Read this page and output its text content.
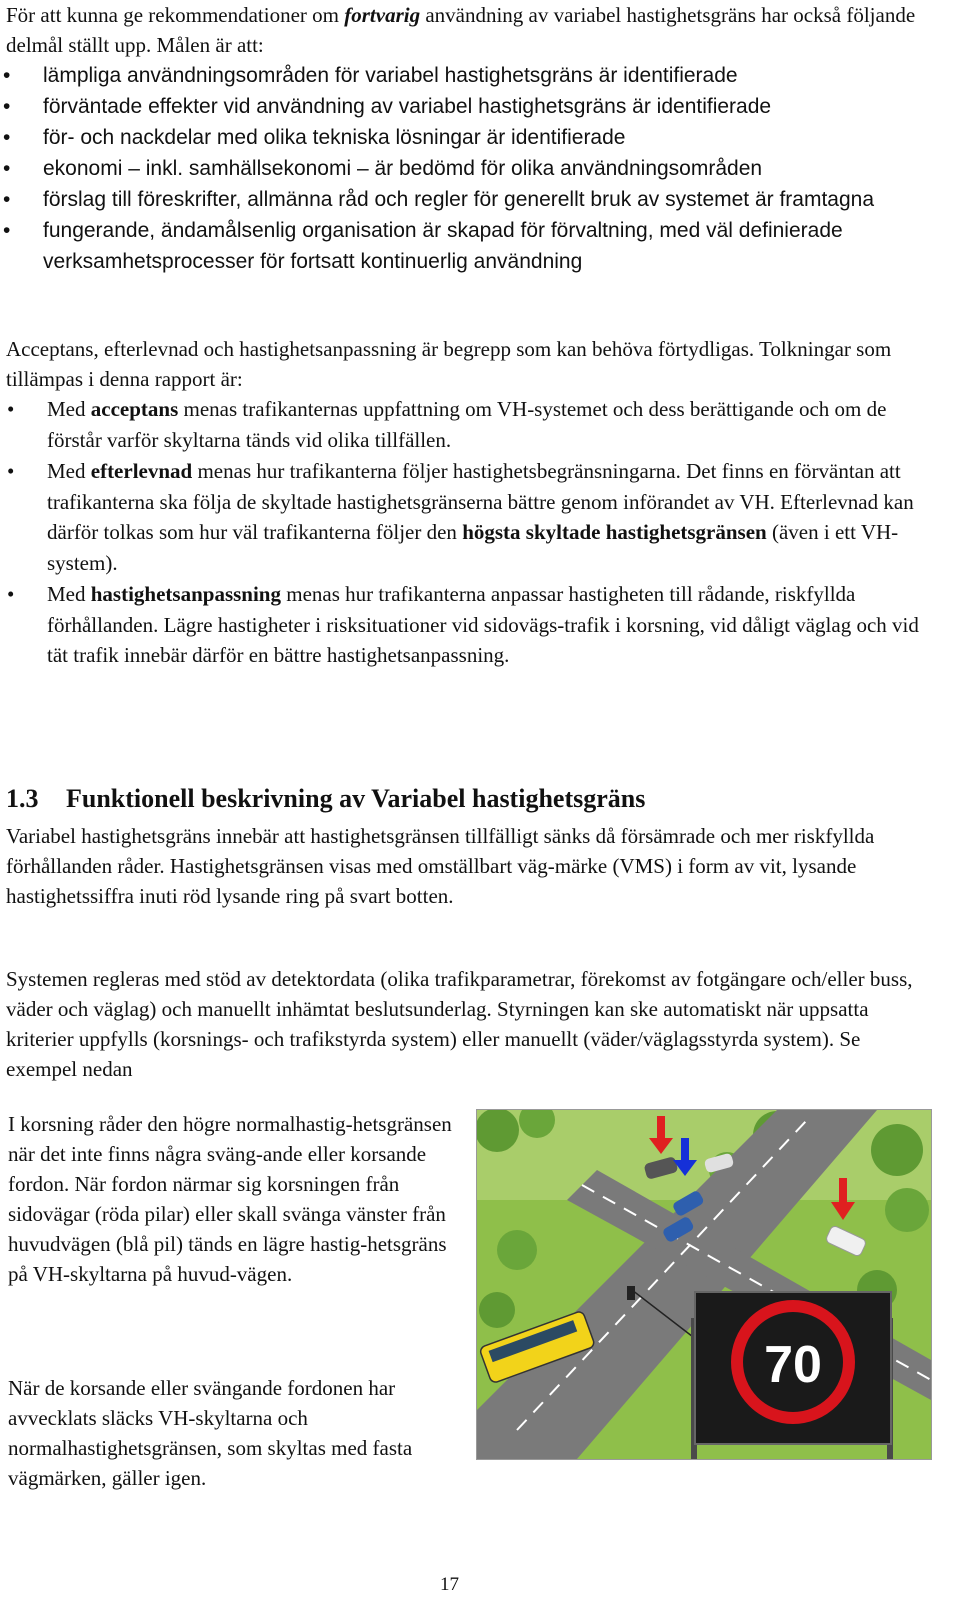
För att kunna ge rekommendationer om fortvarig användning av variabel hastighetsgräns har också följande delmål ställt upp. Målen är att:

• lämpliga användningsområden för variabel hastighetsgräns är identifierade
• förväntade effekter vid användning av variabel hastighetsgräns är identifierade
• för- och nackdelar med olika tekniska lösningar är identifierade
• ekonomi – inkl. samhällsekonomi – är bedömd för olika användningsområden
• förslag till föreskrifter, allmänna råd och regler för generellt bruk av systemet är framtagna
• fungerande, ändamålsenlig organisation är skapad för förvaltning, med väl definierade verksamhetsprocesser för fortsatt kontinuerlig användning

Acceptans, efterlevnad och hastighetsanpassning är begrepp som kan behöva förtydligas. Tolkningar som tillämpas i denna rapport är:

• Med acceptans menas trafikanternas uppfattning om VH-systemet och dess berättigande och om de förstår varför skyltarna tänds vid olika tillfällen.
• Med efterlevnad menas hur trafikanterna följer hastighetsbegränsningarna. Det finns en förväntan att trafikanterna ska följa de skyltade hastighetsgränserna bättre genom införandet av VH. Efterlevnad kan därför tolkas som hur väl trafikanterna följer den högsta skyltade hastighetsgränsen (även i ett VH-system).
• Med hastighetsanpassning menas hur trafikanterna anpassar hastigheten till rådande, riskfyllda förhållanden. Lägre hastigheter i risksituationer vid sidovägs-trafik i korsning, vid dåligt väglag och vid tät trafik innebär därför en bättre hastighetsanpassning.
1.3 Funktionell beskrivning av Variabel hastighetsgräns

Variabel hastighetsgräns innebär att hastighetsgränsen tillfälligt sänks då försämrade och mer riskfyllda förhållanden råder. Hastighetsgränsen visas med omställbart väg-märke (VMS) i form av vit, lysande hastighetssiffra inuti röd lysande ring på svart botten.

Systemen regleras med stöd av detektordata (olika trafikparametrar, förekomst av fotgängare och/eller buss, väder och väglag) och manuellt inhämtat beslutsunderlag. Styrningen kan ske automatiskt när uppsatta kriterier uppfylls (korsnings- och trafikstyrda system) eller manuellt (väder/väglagsstyrda system). Se exempel nedan

I korsning råder den högre normalhastig-hetsgränsen när det inte finns några sväng-ande eller korsande fordon. När fordon närmar sig korsningen från sidovägar (röda pilar) eller skall svänga vänster från huvudvägen (blå pil) tänds en lägre hastig-hetsgräns på VH-skyltarna på huvud-vägen.

När de korsande eller svängande fordonen har avvecklats släcks VH-skyltarna och normalhastighetsgränsen, som skyltas med fasta vägmärken, gäller igen.

70
17
